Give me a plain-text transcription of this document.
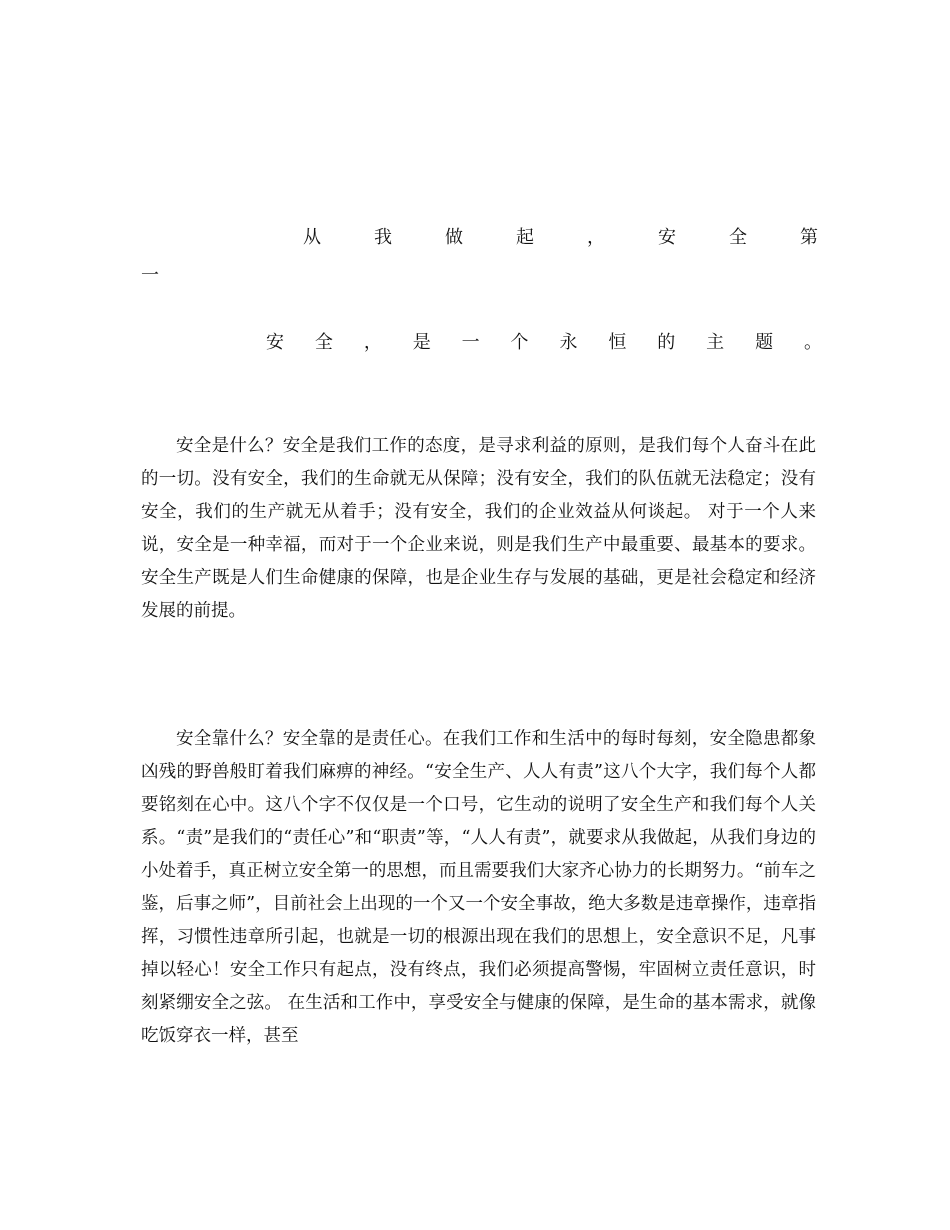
从	我	做	起	，	安	全	第
一
安 全 ， 是 一 个 永 恒 的 主 题 。

安全是什么？安全是我们工作的态度，是寻求利益的原则，是我们每个人奋斗在此的一切。没有安全，我们的生命就无从保障；没有安全，我们的队伍就无法稳定；没有安全，我们的生产就无从着手；没有安全，我们的企业效益从何谈起。 对于一个人来说，安全是一种幸福，而对于一个企业来说，则是我们生产中最重要、最基本的要求。安全生产既是人们生命健康的保障，也是企业生存与发展的基础，更是社会稳定和经济发展的前提。

安全靠什么？安全靠的是责任心。在我们工作和生活中的每时每刻，安全隐患都象凶残的野兽般盯着我们麻痹的神经。“安全生产、人人有责”这八个大字，我们每个人都要铭刻在心中。这八个字不仅仅是一个口号，它生动的说明了安全生产和我们每个人关系。“责”是我们的“责任心”和“职责”等，“人人有责”，就要求从我做起，从我们身边的小处着手，真正树立安全第一的思想，而且需要我们大家齐心协力的长期努力。“前车之鉴，后事之师”，目前社会上出现的一个又一个安全事故，绝大多数是违章操作，违章指挥，习惯性违章所引起，也就是一切的根源出现在我们的思想上，安全意识不足，凡事掉以轻心！安全工作只有起点，没有终点，我们必须提高警惕，牢固树立责任意识，时刻紧绷安全之弦。 在生活和工作中，享受安全与健康的保障，是生命的基本需求，就像吃饭穿衣一样，甚至
